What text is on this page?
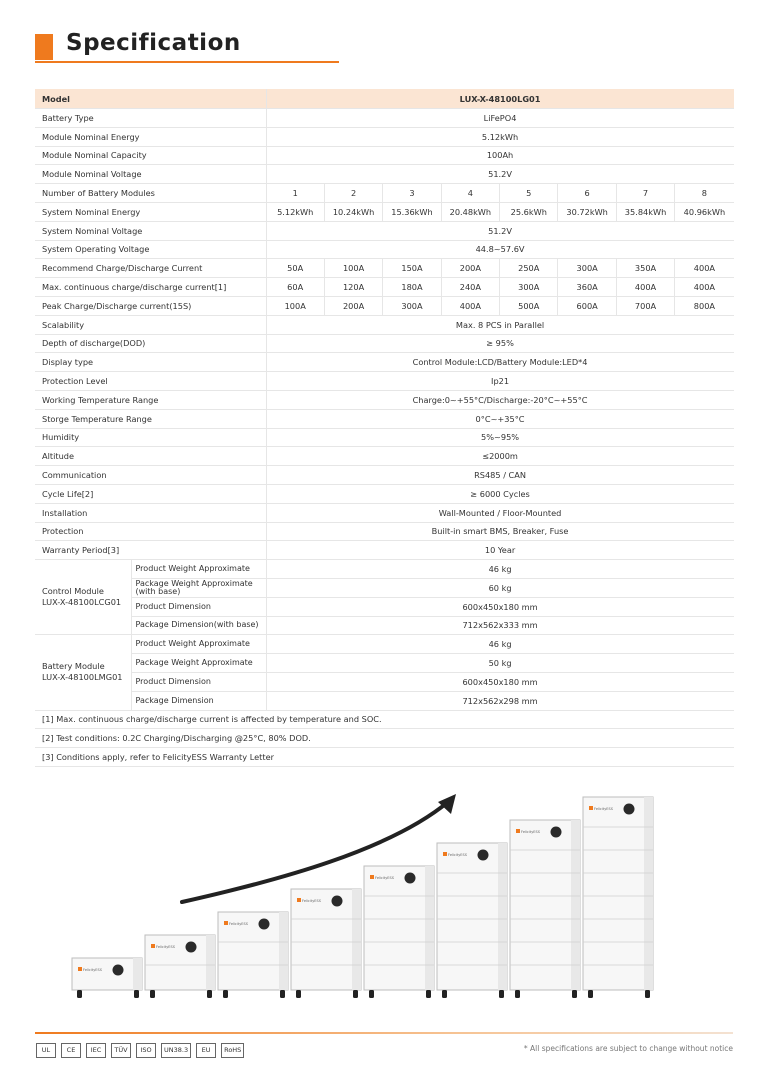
Specification
Model		LUX-X-48100LG01							
Battery Type		LiFePO4							
Module Nominal Energy		5.12kWh							
Module Nominal Capacity		100Ah							
Module Nominal Voltage		51.2V							
Number of Battery Modules		1	2	3	4	5	6	7	8
System Nominal Energy		5.12kWh	10.24kWh	15.36kWh	20.48kWh	25.6kWh	30.72kWh	35.84kWh	40.96kWh
System Nominal Voltage		51.2V							
System Operating Voltage		44.8~57.6V							
Recommend Charge/Discharge Current		50A	100A	150A	200A	250A	300A	350A	400A
Max. continuous charge/discharge current[1]		60A	120A	180A	240A	300A	360A	400A	400A
Peak Charge/Discharge current(15S)		100A	200A	300A	400A	500A	600A	700A	800A
Scalability		Max. 8 PCS in Parallel							
Depth of discharge(DOD)		≥ 95%							
Display type		Control Module:LCD/Battery Module:LED*4							
Protection Level		Ip21							
Working Temperature Range		Charge:0~+55°C/Discharge:-20°C~+55°C							
Storge Temperature Range		0°C~+35°C							
Humidity		5%~95%							
Altitude		≤2000m							
Communication		RS485 / CAN							
Cycle Life[2]		≥ 6000 Cycles							
Installation		Wall-Mounted / Floor-Mounted							
Protection		Built-in smart BMS, Breaker, Fuse							
Warranty Period[3]		10 Year							

Control Module
LUX-X-48100LCG01	Product Weight Approximate	46 kg							
	Package Weight Approximate (with base)	60 kg							
	Product Dimension	600x450x180 mm							
	Package Dimension(with base)	712x562x333 mm							

Battery Module
LUX-X-48100LMG01	Product Weight Approximate	46 kg							
	Package Weight Approximate	50 kg							
	Product Dimension	600x450x180 mm							
	Package Dimension	712x562x298 mm							
[1] Max. continuous charge/discharge current is affected by temperature and SOC.									
[2] Test conditions: 0.2C Charging/Discharging @25°C, 80% DOD.									
[3] Conditions apply, refer to FelicityESS Warranty Letter									
FelicityESS
FelicityESS
FelicityESS
FelicityESS
FelicityESS
FelicityESS
FelicityESS
FelicityESS
UL	CE	IEC	TÜV	ISO	UN38.3	EU	RoHS	* All specifications are subject to change without notice
